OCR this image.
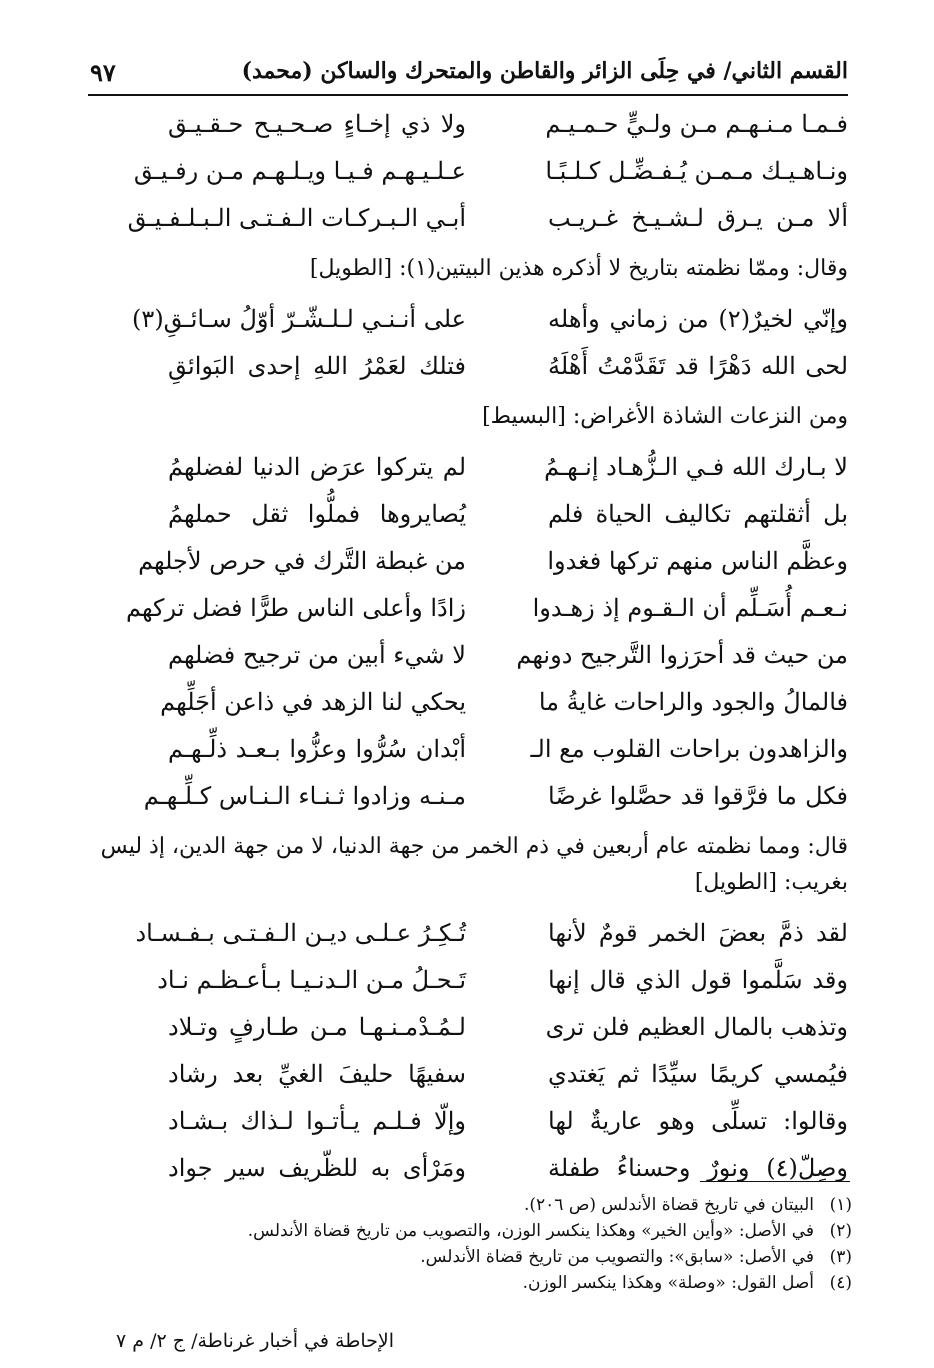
القسم الثاني/ في حِلَى الزائر والقاطن والمتحرك والساكن (محمد)
٩٧
فـمـا مـنـهـم مـن ولـيٍّ حـمـيـم
ولا ذي إخـاءٍ صـحـيـح حـقـيـق
ونـاهـيـك مـمـن يُـفـضِّـل كـلـبًـا
عـلـيـهـم فـيـا ويـلـهـم مـن رفـيـق
ألا مـن يـرق لـشـيـخ غـريـب
أبـي الـبـركـات الـفـتـى الـبـلـفـيـق
وقال: وممّا نظمته بتاريخ لا أذكره هذين البيتين(١): [الطويل]
وإنّي لخيرٌ(٢) من زماني وأهله
على أنـنـي لـلـشّـرّ أوّلُ سـائـقِ(٣)
لحى الله دَهْرًا قد تَقَدَّمْتُ أَهْلَهُ
فتلك لعَمْرُ اللهِ إحدى البَوائقِ
ومن النزعات الشاذة الأغراض: [البسيط]
لا بـارك الله فـي الـزُّهـاد إنـهـمُ
لم يتركوا عرَض الدنيا لفضلهمُ
بل أثقلتهم تكاليف الحياة فلم
يُصايروها فملُّوا ثقل حملهمُ
وعظَّم الناس منهم تركها فغدوا
من غبطة التَّرك في حرص لأجلهم
نـعـم أُسَـلِّم أن الـقـوم إذ زهـدوا
زادًا وأعلى الناس طرًّا فضل تركهم
من حيث قد أحرَزوا التَّرجيح دونهم
لا شيء أبين من ترجيح فضلهم
فالمالُ والجود والراحات غايةُ ما
يحكي لنا الزهد في ذاعن أجَلِّهم
والزاهدون براحات القلوب مع الـ
أبْدان سُرُّوا وعزُّوا بـعـد ذلِّـهـم
فكل ما فرَّقوا قد حصَّلوا غرضًا
مـنـه وزادوا ثـنـاء الـنـاس كـلِّـهـم
قال: ومما نظمته عام أربعين في ذم الخمر من جهة الدنيا، لا من جهة الدين، إذ ليس بغريب: [الطويل]
لقد ذمَّ بعضَ الخمر قومٌ لأنها
تُـكِـرُ عـلـى ديـن الـفـتـى بـفـسـاد
وقد سَلَّموا قول الذي قال إنها
تَـحـلُ مـن الـدنـيـا بـأعـظـم نـاد
وتذهب بالمال العظيم فلن ترى
لـمُـدْمـنـهـا مـن طـارفٍ وتـلاد
فيُمسي كريمًا سيِّدًا ثم يَغتدي
سفيهًا حليفَ الغيِّ بعد رشاد
وقالوا: تسلِّى وهو عاريةٌ لها
وإلّا فـلـم يـأتـوا لـذاك بـشـاد
وصِلّ(٤) ونورٌ وحسناءُ طفلة
ومَرْأى به للظّريف سير جواد
(١)
البيتان في تاريخ قضاة الأندلس (ص ٢٠٦).
(٢)
في الأصل: «وأين الخير» وهكذا ينكسر الوزن، والتصويب من تاريخ قضاة الأندلس.
(٣)
في الأصل: «سابق»: والتصويب من تاريخ قضاة الأندلس.
(٤)
أصل القول: «وصلة» وهكذا ينكسر الوزن.
الإحاطة في أخبار غرناطة/ ج ٢/ م ٧
